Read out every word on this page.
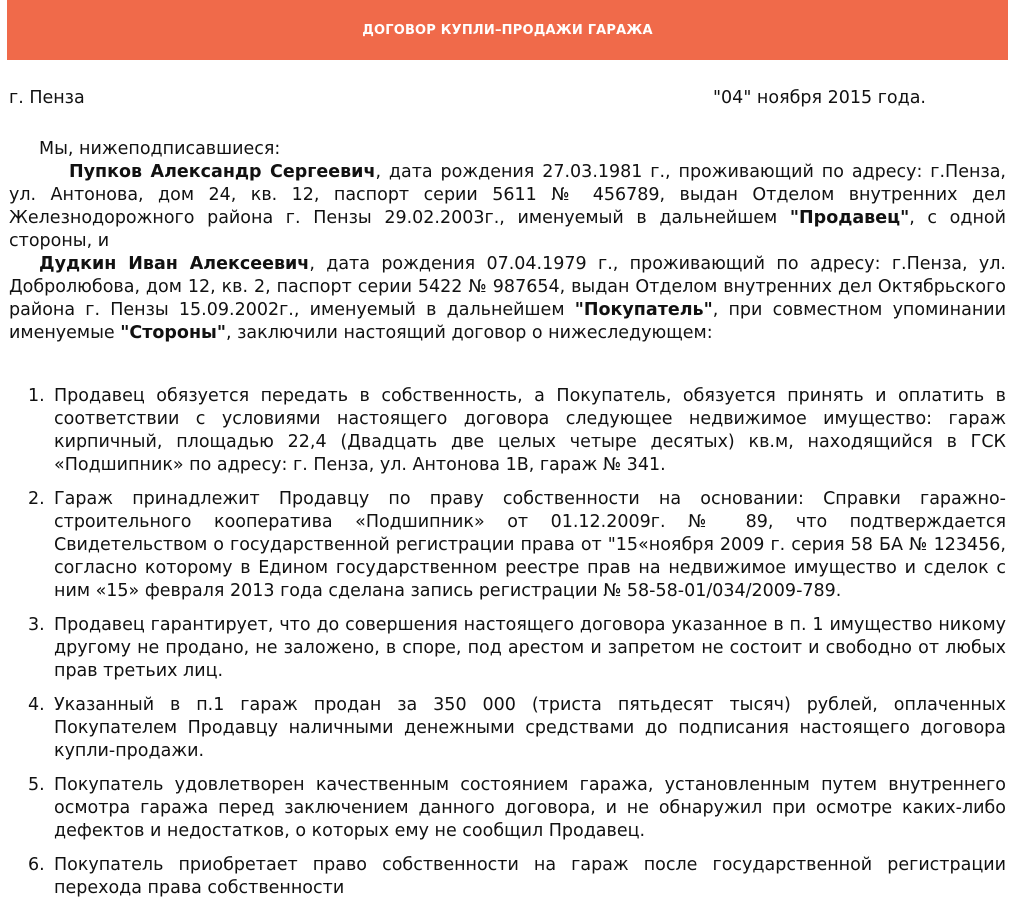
ДОГОВОР КУПЛИ–ПРОДАЖИ ГАРАЖА
г. Пенза	"04" ноября 2015 года.

Мы, нижеподписавшиеся:

Пупков Александр Сергеевич, дата рождения 27.03.1981 г., проживающий по адресу: г.Пенза, ул. Антонова, дом 24, кв. 12, паспорт серии 5611 № 456789, выдан Отделом внутренних дел Железнодорожного района г. Пензы 29.02.2003г., именуемый в дальнейшем "Продавец", с одной стороны, и

Дудкин Иван Алексеевич, дата рождения 07.04.1979 г., проживающий по адресу: г.Пенза, ул. Добролюбова, дом 12, кв. 2, паспорт серии 5422 № 987654, выдан Отделом внутренних дел Октябрьского района г. Пензы 15.09.2002г., именуемый в дальнейшем "Покупатель", при совместном упоминании именуемые "Стороны", заключили настоящий договор о нижеследующем:

1. Продавец обязуется передать в собственность, а Покупатель, обязуется принять и оплатить в соответствии с условиями настоящего договора следующее недвижимое имущество: гараж кирпичный, площадью 22,4 (Двадцать две целых четыре десятых) кв.м, находящийся в ГСК «Подшипник» по адресу: г. Пенза, ул. Антонова 1В, гараж № 341.
2. Гараж принадлежит Продавцу по праву собственности на основании: Справки гаражно-строительного кооператива «Подшипник» от 01.12.2009г. № 89, что подтверждается Свидетельством о государственной регистрации права от "15«ноября 2009 г. серия 58 БА № 123456, согласно которому в Едином государственном реестре прав на недвижимое имущество и сделок с ним «15» февраля 2013 года сделана запись регистрации № 58-58-01/034/2009-789.
3. Продавец гарантирует, что до совершения настоящего договора указанное в п. 1 имущество никому другому не продано, не заложено, в споре, под арестом и запретом не состоит и свободно от любых прав третьих лиц.
4. Указанный в п.1 гараж продан за 350 000 (триста пятьдесят тысяч) рублей, оплаченных Покупателем Продавцу наличными денежными средствами до подписания настоящего договора купли-продажи.
5. Покупатель удовлетворен качественным состоянием гаража, установленным путем внутреннего осмотра гаража перед заключением данного договора, и не обнаружил при осмотре каких-либо дефектов и недостатков, о которых ему не сообщил Продавец.
6. Покупатель приобретает право собственности на гараж после государственной регистрации перехода права собственности
